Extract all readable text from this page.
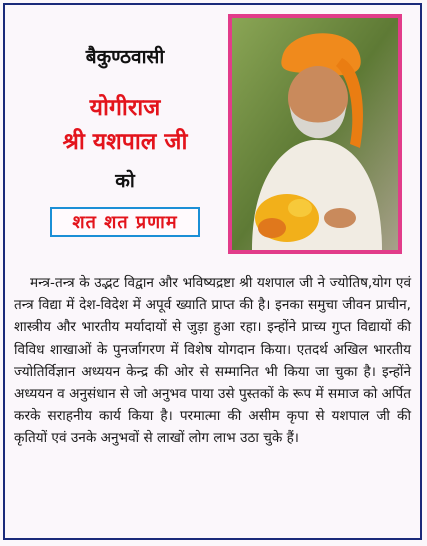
बैकुण्ठवासी
योगीराज
श्री यशपाल जी
को
शत शत प्रणाम
मन्त्र-तन्त्र के उद्भट विद्वान और भविष्यद्रष्टा श्री यशपाल जी ने ज्योतिष,योग एवं तन्त्र विद्या में देश-विदेश में अपूर्व ख्याति प्राप्त की है। इनका समुचा जीवन प्राचीन, शास्त्रीय और भारतीय मर्यादायों से जुड़ा हुआ रहा। इन्होंने प्राच्य गुप्त विद्यायों की विविध शाखाओं के पुनर्जागरण में विशेष योगदान किया। एतदर्थ अखिल भारतीय ज्योतिर्विज्ञान अध्ययन केन्द्र की ओर से सम्मानित भी किया जा चुका है। इन्होंने अध्ययन व अनुसंधान से जो अनुभव पाया उसे पुस्तकों के रूप में समाज को अर्पित करके सराहनीय कार्य किया है। परमात्मा की असीम कृपा से यशपाल जी की कृतियों एवं उनके अनुभवों से लाखों लोग लाभ उठा चुके हैं।
